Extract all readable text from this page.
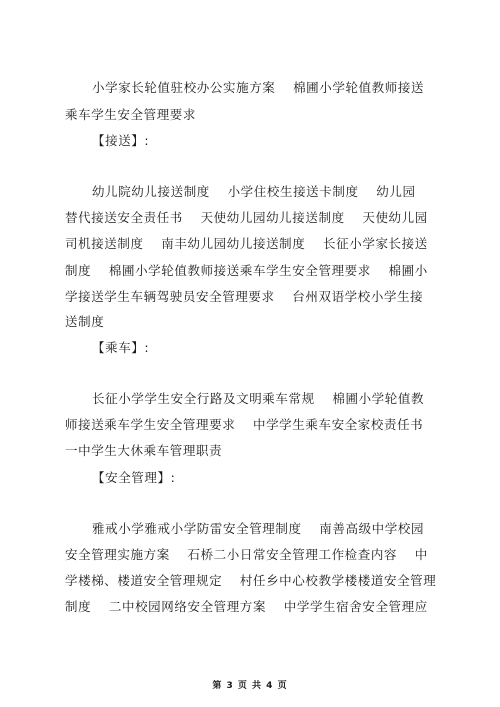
小学家长轮值驻校办公实施方案　 棉圃小学轮值教师接送
乘车学生安全管理要求
【接送】:
幼儿院幼儿接送制度　 小学住校生接送卡制度　 幼儿园
替代接送安全责任书　 天使幼儿园幼儿接送制度　 天使幼儿园
司机接送制度　 南丰幼儿园幼儿接送制度　 长征小学家长接送
制度　 棉圃小学轮值教师接送乘车学生安全管理要求　 棉圃小
学接送学生车辆驾驶员安全管理要求　 台州双语学校小学生接
送制度
【乘车】:
长征小学学生安全行路及文明乘车常规　 棉圃小学轮值教
师接送乘车学生安全管理要求　 中学学生乘车安全家校责任书
一中学生大休乘车管理职责
【安全管理】:
雅戒小学雅戒小学防雷安全管理制度　 南善高级中学校园
安全管理实施方案　 石桥二小日常安全管理工作检查内容　 中
学楼梯、楼道安全管理规定　 村任乡中心校教学楼楼道安全管理
制度　 二中校园网络安全管理方案　 中学学生宿舍安全管理应
第 3 页 共 4 页
